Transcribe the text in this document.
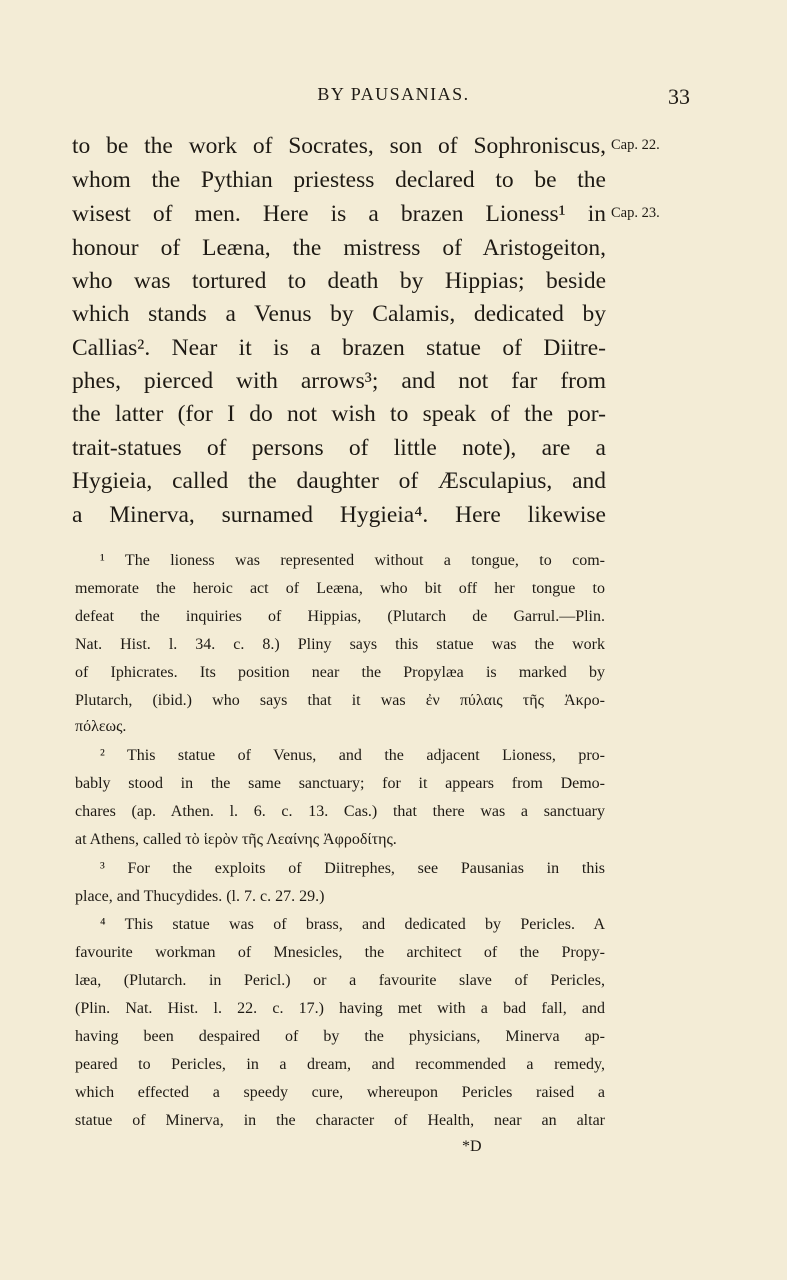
BY PAUSANIAS.	33
Cap. 22.
Cap. 23.
to be the work of Socrates, son of Sophroniscus,
whom the Pythian priestess declared to be the
wisest of men. Here is a brazen Lioness¹ in
honour of Leæna, the mistress of Aristogeiton,
who was tortured to death by Hippias; beside
which stands a Venus by Calamis, dedicated by
Callias². Near it is a brazen statue of Diitre-
phes, pierced with arrows³; and not far from
the latter (for I do not wish to speak of the por-
trait-statues of persons of little note), are a
Hygieia, called the daughter of Æsculapius, and
a Minerva, surnamed Hygieia⁴. Here likewise
¹ The lioness was represented without a tongue, to com-
memorate the heroic act of Leæna, who bit off her tongue to
defeat the inquiries of Hippias, (Plutarch de Garrul.—Plin.
Nat. Hist. l. 34. c. 8.) Pliny says this statue was the work
of Iphicrates. Its position near the Propylæa is marked by
Plutarch, (ibid.) who says that it was ἐν πύλαις τῆς Ἀκρο-
πόλεως.
² This statue of Venus, and the adjacent Lioness, pro-
bably stood in the same sanctuary; for it appears from Demo-
chares (ap. Athen. l. 6. c. 13. Cas.) that there was a sanctuary
at Athens, called τὸ ἱερὸν τῆς Λεαίνης Ἀφροδίτης.
³ For the exploits of Diitrephes, see Pausanias in this
place, and Thucydides. (l. 7. c. 27. 29.)
⁴ This statue was of brass, and dedicated by Pericles. A
favourite workman of Mnesicles, the architect of the Propy-
læa, (Plutarch. in Pericl.) or a favourite slave of Pericles,
(Plin. Nat. Hist. l. 22. c. 17.) having met with a bad fall, and
having been despaired of by the physicians, Minerva ap-
peared to Pericles, in a dream, and recommended a remedy,
which effected a speedy cure, whereupon Pericles raised a
statue of Minerva, in the character of Health, near an altar
*D
